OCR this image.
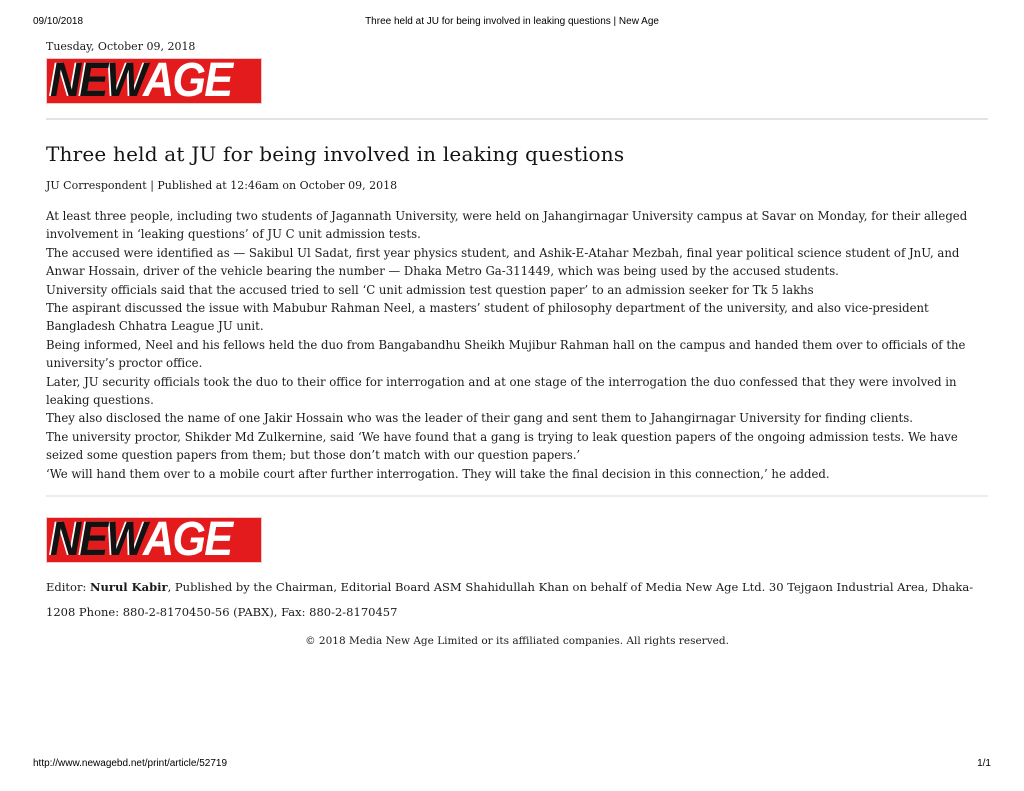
09/10/2018	Three held at JU for being involved in leaking questions | New Age
Tuesday, October 09, 2018
NEWAGE
Three held at JU for being involved in leaking questions
JU Correspondent | Published at 12:46am on October 09, 2018

At least three people, including two students of Jagannath University, were held on Jahangirnagar University campus at Savar on Monday, for their alleged involvement in ‘leaking questions’ of JU C unit admission tests.

The accused were identified as — Sakibul Ul Sadat, first year physics student, and Ashik-E-Atahar Mezbah, final year political science student of JnU, and Anwar Hossain, driver of the vehicle bearing the number — Dhaka Metro Ga-311449, which was being used by the accused students.

University officials said that the accused tried to sell ‘C unit admission test question paper’ to an admission seeker for Tk 5 lakhs

The aspirant discussed the issue with Mabubur Rahman Neel, a masters’ student of philosophy department of the university, and also vice-president Bangladesh Chhatra League JU unit.

Being informed, Neel and his fellows held the duo from Bangabandhu Sheikh Mujibur Rahman hall on the campus and handed them over to officials of the university’s proctor office.

Later, JU security officials took the duo to their office for interrogation and at one stage of the interrogation the duo confessed that they were involved in leaking questions.

They also disclosed the name of one Jakir Hossain who was the leader of their gang and sent them to Jahangirnagar University for finding clients.

The university proctor, Shikder Md Zulkernine, said ‘We have found that a gang is trying to leak question papers of the ongoing admission tests. We have seized some question papers from them; but those don’t match with our question papers.’

‘We will hand them over to a mobile court after further interrogation. They will take the final decision in this connection,’ he added.

NEWAGE

Editor: Nurul Kabir, Published by the Chairman, Editorial Board ASM Shahidullah Khan on behalf of Media New Age Ltd. 30 Tejgaon Industrial Area, Dhaka-1208 Phone: 880-2-8170450-56 (PABX), Fax: 880-2-8170457

© 2018 Media New Age Limited or its affiliated companies. All rights reserved.

http://www.newagebd.net/print/article/52719	1/1
